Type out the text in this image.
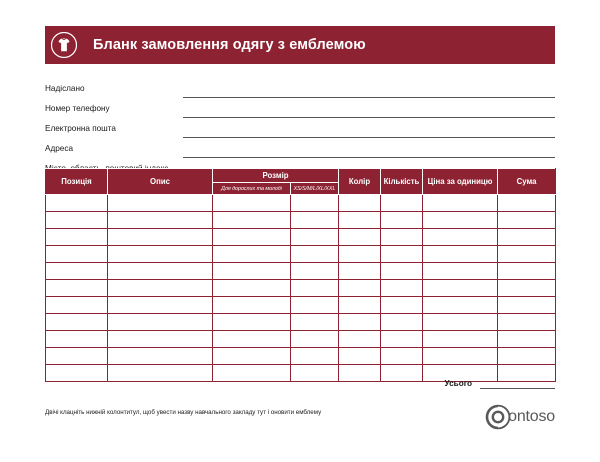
Бланк замовлення одягу з емблемою
Надіслано
Номер телефону
Електронна пошта
Адреса
Позиція	Опис	Розмір		Колір	Кількість	Ціна за одиницю	Сума
		Для дорослих та молоді	XS/S/M/L/XL/XXL				

Усього
Двічі клацніть нижній колонтитул, щоб увести назву навчального закладу тут і оновити емблему	ontoso
